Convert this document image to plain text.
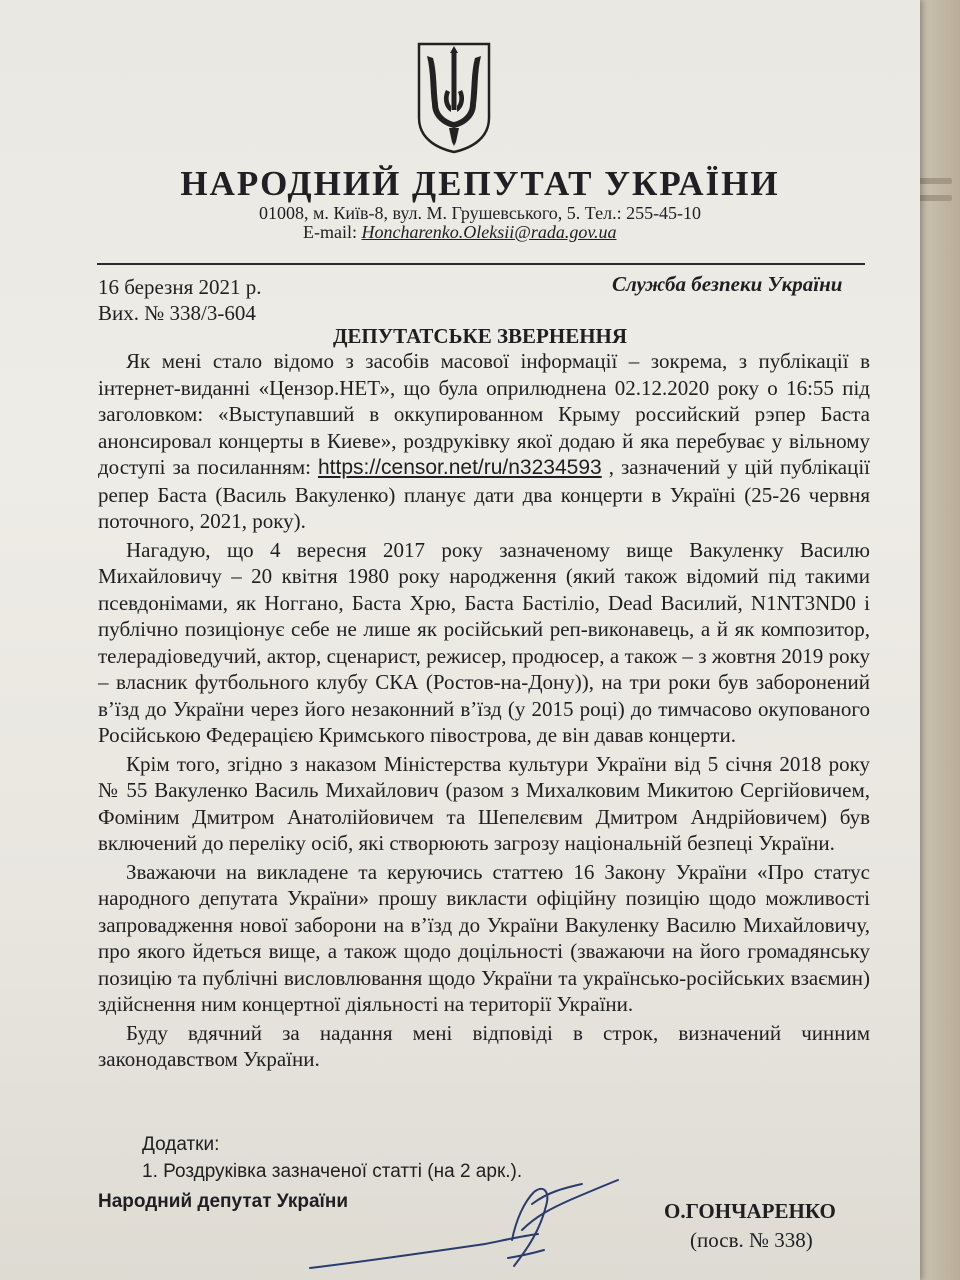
НАРОДНИЙ ДЕПУТАТ УКРАЇНИ

01008, м. Київ-8, вул. М. Грушевського, 5. Тел.: 255-45-10

E-mail: Honcharenko.Oleksii@rada.gov.ua

16 березня 2021 р.

Вих. № 338/3-604

Служба безпеки України

ДЕПУТАТСЬКЕ ЗВЕРНЕННЯ

Як мені стало відомо з засобів масової інформації – зокрема, з публікації в інтернет-виданні «Цензор.НЕТ», що була оприлюднена 02.12.2020 року о 16:55 під заголовком: «Выступавший в оккупированном Крыму российский рэпер Баста анонсировал концерты в Киеве», роздруківку якої додаю й яка перебуває у вільному доступі за посиланням: https://censor.net/ru/n3234593 , зазначений у цій публікації репер Баста (Василь Вакуленко) планує дати два концерти в Україні (25-26 червня поточного, 2021, року).

Нагадую, що 4 вересня 2017 року зазначеному вище Вакуленку Василю Михайловичу – 20 квітня 1980 року народження (який також відомий під такими псевдонімами, як Ноггано, Баста Хрю, Баста Бастіліо, Dead Василий, N1NT3ND0 і публічно позиціонує себе не лише як російський реп-виконавець, а й як композитор, телерадіоведучий, актор, сценарист, режисер, продюсер, а також – з жовтня 2019 року – власник футбольного клубу СКА (Ростов-на-Дону)), на три роки був заборонений в’їзд до України через його незаконний в’їзд (у 2015 році) до тимчасово окупованого Російською Федерацією Кримського півострова, де він давав концерти.

Крім того, згідно з наказом Міністерства культури України від 5 січня 2018 року № 55 Вакуленко Василь Михайлович (разом з Михалковим Микитою Сергійовичем, Фоміним Дмитром Анатолійовичем та Шепелєвим Дмитром Андрійовичем) був включений до переліку осіб, які створюють загрозу національній безпеці України.

Зважаючи на викладене та керуючись статтею 16 Закону України «Про статус народного депутата України» прошу викласти офіційну позицію щодо можливості запровадження нової заборони на в’їзд до України Вакуленку Василю Михайловичу, про якого йдеться вище, а також щодо доцільності (зважаючи на його громадянську позицію та публічні висловлювання щодо України та українсько-російських взаємин) здійснення ним концертної діяльності на території України.

Буду вдячний за надання мені відповіді в строк, визначений чинним законодавством України.

Додатки:

1. Роздруківка зазначеної статті (на 2 арк.).

Народний депутат України	О.ГОНЧАРЕНКО

(посв. № 338)
